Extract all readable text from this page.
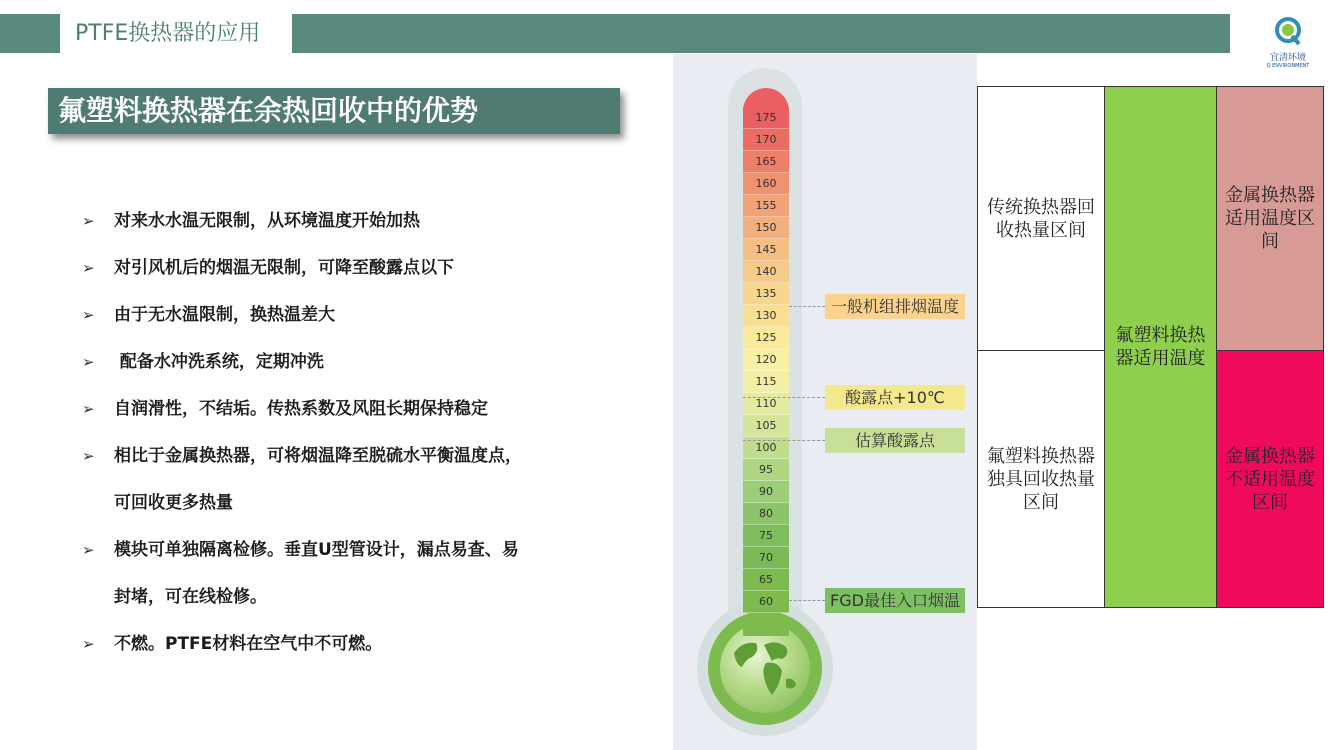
PTFE换热器的应用
宜清环境
Q ENVIRONMENT
氟塑料换热器在余热回收中的优势
➢ 对来水水温无限制，从环境温度开始加热
➢ 对引风机后的烟温无限制，可降至酸露点以下
➢ 由于无水温限制，换热温差大
➢ 配备水冲洗系统，定期冲洗
➢ 自润滑性，不结垢。传热系数及风阻长期保持稳定
➢ 相比于金属换热器，可将烟温降至脱硫水平衡温度点，
可回收更多热量
➢ 模块可单独隔离检修。垂直U型管设计，漏点易查、易
封堵，可在线检修。
➢ 不燃。PTFE材料在空气中不可燃。
175
170
165
160
155
150
145
140
135
130
125
120
115
110
105
100
95
90
80
75
70
65
60
一般机组排烟温度
酸露点+10℃
估算酸露点
FGD最佳入口烟温
传统换热器回收热量区间
氟塑料换热器独具回收热量区间
氟塑料换热器适用温度
金属换热器适用温度区间
金属换热器不适用温度区间
